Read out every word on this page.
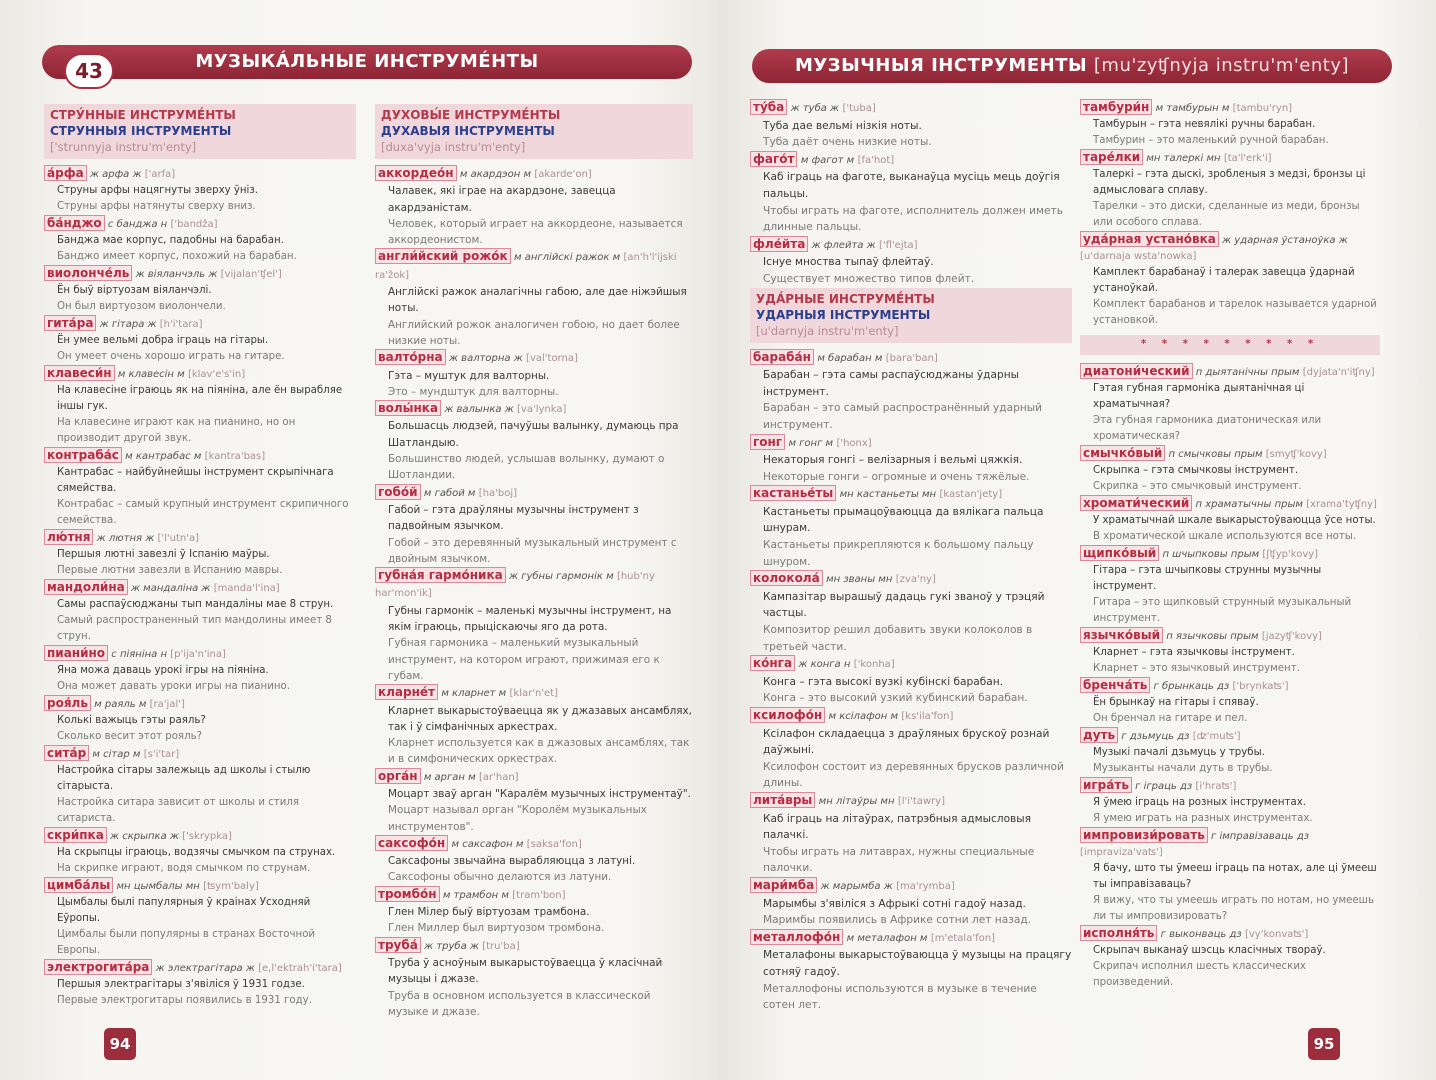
МУЗЫКÁЛЬНЫЕ ИНСТРУМÉНТЫ
43
СТРУ́ННЫЕ ИНСТРУМЕ́НТЫ
СТРУННЫЯ ІНСТРУМЕНТЫ
['strunnyja instru'm'enty]
а́рфа ж арфа ж ['arfa]
Струны арфы нацягнуты зверху ўніз.
Струны арфы натянуты сверху вниз.
ба́нджо с банджа н ['bandža]
Банджа мае корпус, падобны на барабан.
Банджо имеет корпус, похожий на барабан.
виолонче́ль ж віяланчэль ж [vijalan'ʧel']
Ён быў віртуозам віяланчэлі.
Он был виртуозом виолончели.
гита́ра ж гітара ж [h'i'tara]
Ён умее вельмі добра іграць на гітары.
Он умеет очень хорошо играть на гитаре.
клавеси́н м клавесін м [klav'e's'in]
На клавесіне іграюць як на піяніна, але ён вырабляе іншы гук.
На клавесине играют как на пианино, но он производит другой звук.
контраба́с м кантрабас м [kantra'bas]
Кантрабас – найбуйнейшы інструмент скрыпічнага сямейства.
Контрабас – самый крупный инструмент скрипичного семейства.
лю́тня ж лютня ж ['l'utn'a]
Першыя лютні завезлі ў Іспанію маўры.
Первые лютни завезли в Испанию мавры.
мандоли́на ж мандаліна ж [manda'l'ina]
Самы распаўсюджаны тып мандаліны мае 8 струн.
Самый распространенный тип мандолины имеет 8 струн.
пиани́но с піяніна н [p'ija'n'ina]
Яна можа даваць урокі ігры на піяніна.
Она может давать уроки игры на пианино.
роя́ль м раяль м [ra'jal']
Колькі важыць гэты раяль?
Сколько весит этот рояль?
сита́р м сітар м [s'i'tar]
Настройка сітары залежыць ад школы і стылю сітарыста.
Настройка ситара зависит от школы и стиля ситариста.
скри́пка ж скрыпка ж ['skrypka]
На скрыпцы іграюць, водзячы смычком па струнах.
На скрипке играют, водя смычком по струнам.
цимба́лы мн цымбалы мн [ʦym'baly]
Цымбалы былі папулярныя ў краінах Усходняй Еўропы.
Цимбалы были популярны в странах Восточной Европы.
электрогита́ра ж электрагітара ж [e,l'ektrah'i'tara]
Першыя электрагітары з'явіліся ў 1931 годзе.
Первые электрогитары появились в 1931 году.
ДУХОВЫ́Е ИНСТРУМЕ́НТЫ
ДУХАВЫЯ ІНСТРУМЕНТЫ
[duxa'vyja instru'm'enty]
аккордео́н м акардэон м [akarde'on]
Чалавек, які іграе на акардэоне, завецца акардэаністам.
Человек, который играет на аккордеоне, называется аккордеонистом.
англи́йский рожо́к м англійскі ражок м [an'h'l'ijski ra'žok]
Англійскі ражок аналагічны габою, але дае ніжэйшыя ноты.
Английский рожок аналогичен гобою, но дает более низкие ноты.
валто́рна ж валторна ж [val'torna]
Гэта – муштук для валторны.
Это – мундштук для валторны.
волы́нка ж валынка ж [va'lynka]
Большасць людзей, пачуўшы валынку, думаюць пра Шатландыю.
Большинство людей, услышав волынку, думают о Шотландии.
гобо́й м габой м [ha'boj]
Габой – гэта драўляны музычны інструмент з падвойным язычком.
Гобой – это деревянный музыкальный инструмент с двойным язычком.
губна́я гармо́ника ж губны гармонік м [hub'ny har'mon'ik]
Губны гармонік – маленькі музычны інструмент, на якім іграюць, прыціскаючы яго да рота.
Губная гармоника – маленький музыкальный инструмент, на котором играют, прижимая его к губам.
кларне́т м кларнет м [klar'n'et]
Кларнет выкарыстоўваецца як у джазавых ансамблях, так і ў сімфанічных аркестрах.
Кларнет используется как в джазовых ансамблях, так и в симфонических оркестрах.
орга́н м арган м [ar'han]
Моцарт зваў арган "Каралём музычных інструментаў".
Моцарт называл орган "Королём музыкальных инструментов".
саксофо́н м саксафон м [saksa'fon]
Саксафоны звычайна вырабляюцца з латуні.
Саксофоны обычно делаются из латуни.
тромбо́н м трамбон м [tram'bon]
Глен Мілер быў віртуозам трамбона.
Глен Миллер был виртуозом тромбона.
труба́ ж труба ж [tru'ba]
Труба ў асноўным выкарыстоўваецца ў класічнай музыцы і джазе.
Труба в основном используется в классической музыке и джазе.
94
МУЗЫЧНЫЯ ІНСТРУМЕНТЫ [mu'zyʧnyja instru'm'enty]
ту́ба ж туба ж ['tuba]
Туба дае вельмі нізкія ноты.
Туба даёт очень низкие ноты.
фаго́т м фагот м [fa'hot]
Каб іграць на фаготе, выканаўца мусіць мець доўгія пальцы.
Чтобы играть на фаготе, исполнитель должен иметь длинные пальцы.
фле́йта ж флейта ж ['fl'ejta]
Існуе мноства тыпаў флейтаў.
Существует множество типов флейт.
УДА́РНЫЕ ИНСТРУМЕ́НТЫ
УДАРНЫЯ ІНСТРУМЕНТЫ
[u'darnyja instru'm'enty]
бараба́н м барабан м [bara'ban]
Барабан – гэта самы распаўсюджаны ўдарны інструмент.
Барабан – это самый распространённый ударный инструмент.
гонг м гонг м ['honx]
Некаторыя гонгі – велізарныя і вельмі цяжкія.
Некоторые гонги – огромные и очень тяжёлые.
кастанье́ты мн кастаньеты мн [kastan'jety]
Кастаньеты прымацоўваюцца да вялікага пальца шнурам.
Кастаньеты прикрепляются к большому пальцу шнуром.
колокола́ мн званы мн [zva'ny]
Кампазітар вырашыў дадаць гукі званоў у трэцяй частцы.
Композитор решил добавить звуки колоколов в третьей части.
ко́нга ж конга н ['konha]
Конга – гэта высокі вузкі кубінскі барабан.
Конга – это высокий узкий кубинский барабан.
ксилофо́н м ксілафон м [ks'ila'fon]
Ксілафон складаецца з драўляных брускоў рознай даўжыні.
Ксилофон состоит из деревянных брусков различной длины.
лита́вры мн літаўры мн [l'i'tawry]
Каб іграць на літаўрах, патрэбныя адмысловыя палачкі.
Чтобы играть на литаврах, нужны специальные палочки.
мари́мба ж марымба ж [ma'rymba]
Марымбы з'явіліся з Афрыкі сотні гадоў назад.
Маримбы появились в Африке сотни лет назад.
металлофо́н м металафон м [m'etala'fon]
Металафоны выкарыстоўваюцца ў музыцы на працягу сотняў гадоў.
Металлофоны используются в музыке в течение сотен лет.
тамбури́н м тамбурын м [tambu'ryn]
Тамбурын – гэта невялікі ручны барабан.
Тамбурин – это маленький ручной барабан.
таре́лки мн талеркі мн [ta'l'erk'i]
Талеркі – гэта дыскі, зробленыя з медзі, бронзы ці адмысловага сплаву.
Тарелки – это диски, сделанные из меди, бронзы или особого сплава.
уда́рная устано́вка ж ударная ўстаноўка ж [u'darnaja wsta'nowka]
Камплект барабанаў і талерак завецца ўдарнай устаноўкай.
Комплект барабанов и тарелок называется ударной установкой.
* * * * * * * * *
диатони́ческий п дыятанічны прым [dyjata'n'iʧny]
Гэтая губная гармоніка дыятанічная ці храматычная?
Эта губная гармоника диатоническая или хроматическая?
смычко́вый п смычковы прым [smyʧ'kovy]
Скрыпка – гэта смычковы інструмент.
Скрипка – это смычковый инструмент.
хромати́ческий п храматычны прым [xrama'tyʧny]
У храматычнай шкале выкарыстоўваюцца ўсе ноты.
В хроматической шкале используются все ноты.
щипко́вый п шчыпковы прым [ʃʧyp'kovy]
Гітара – гэта шчыпковы струнны музычны інструмент.
Гитара – это щипковый струнный музыкальный инструмент.
язычко́вый п язычковы прым [jazyʧ'kovy]
Кларнет – гэта язычковы інструмент.
Кларнет – это язычковый инструмент.
бренча́ть г брынкаць дз ['brynkaʦ']
Ён брынкаў на гітары і спяваў.
Он бренчал на гитаре и пел.
дуть г дзьмуць дз [ʣ'muʦ']
Музыкі пачалі дзьмуць у трубы.
Музыканты начали дуть в трубы.
игра́ть г іграць дз [i'hraʦ']
Я ўмею іграць на розных інструментах.
Я умею играть на разных инструментах.
импровизи́ровать г імправізаваць дз [impraviza'vaʦ']
Я бачу, што ты ўмееш іграць па нотах, але ці ўмееш ты імправізаваць?
Я вижу, что ты умеешь играть по нотам, но умеешь ли ты импровизировать?
исполня́ть г выконваць дз [vy'konvaʦ']
Скрыпач выканаў шэсць класічных твораў.
Скрипач исполнил шесть классических произведений.
95
